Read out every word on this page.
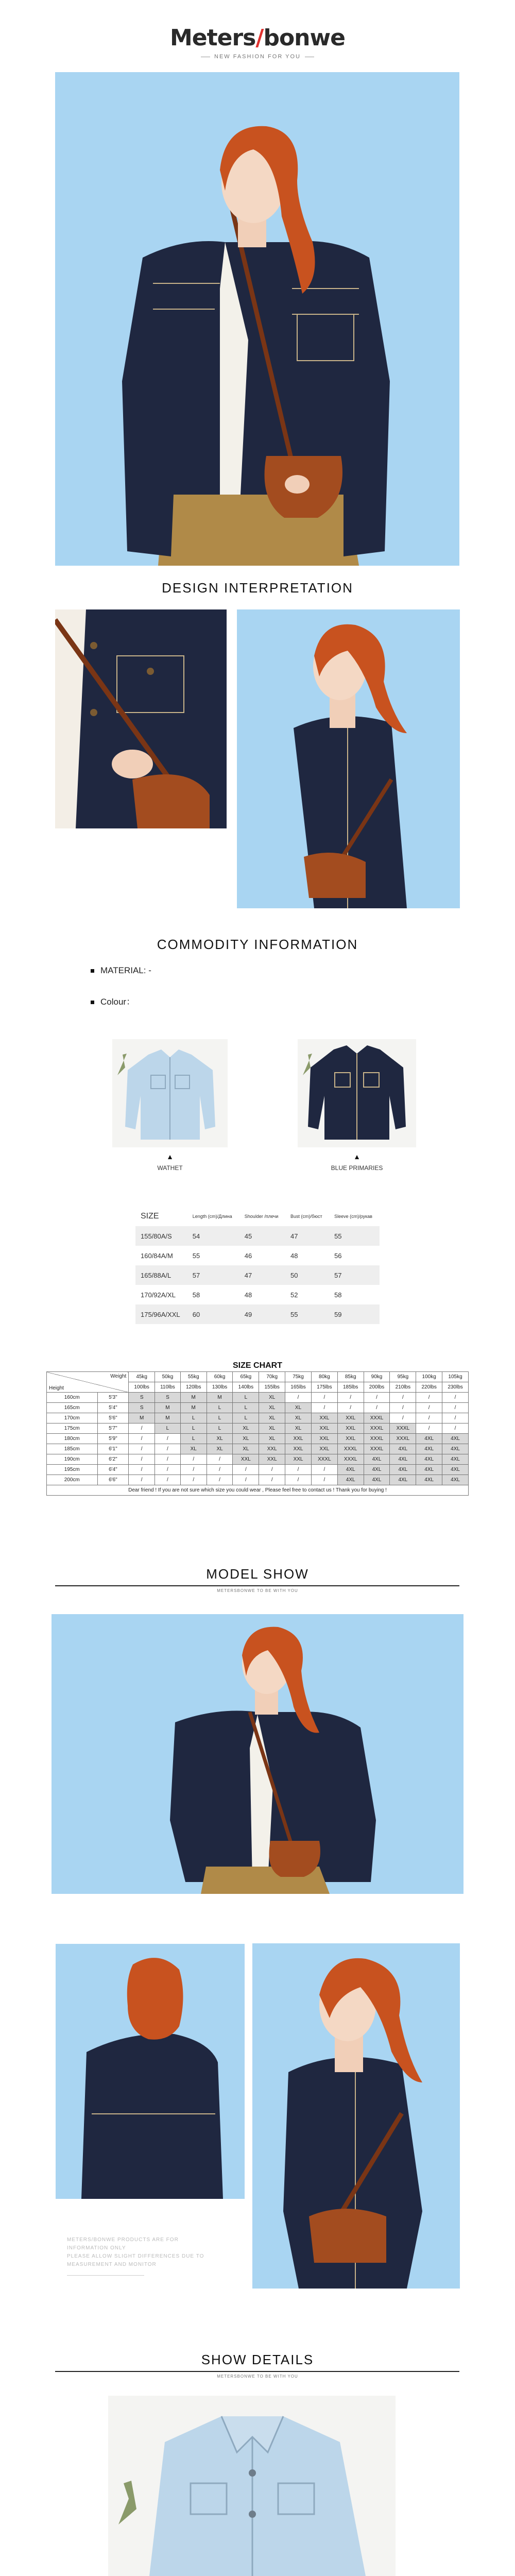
Meters/bonwe
NEW FASHION FOR YOU
DESIGN INTERPRETATION
COMMODITY INFORMATION
MATERIAL: -
Colour：
▲
WATHET
▲
BLUE PRIMARIES
SIZE	Length (cm)/Длина	Shoulder /плечи	Bust (cm)/бюст	Sleeve (cm)/рукав
155/80A/S	54	45	47	55
160/84A/M	55	46	48	56
165/88A/L	57	47	50	57
170/92A/XL	58	48	52	58
175/96A/XXL	60	49	55	59
SIZE CHART
Weight
Height		45kg	50kg	55kg	60kg	65kg	70kg	75kg	80kg	85kg	90kg	95kg	100kg	105kg
		100lbs	110lbs	120lbs	130lbs	140lbs	155lbs	165lbs	175lbs	185lbs	200lbs	210lbs	220lbs	230lbs
160cm	5'3"	S	S	M	M	L	XL	/	/	/	/	/	/	/
165cm	5'4"	S	M	M	L	L	XL	XL	/	/	/	/	/	/
170cm	5'6"	M	M	L	L	L	XL	XL	XXL	XXL	XXXL	/	/	/
175cm	5'7"	/	L	L	L	XL	XL	XL	XXL	XXL	XXXL	XXXL	/	/
180cm	5'9"	/	/	L	XL	XL	XL	XXL	XXL	XXL	XXXL	XXXL	4XL	4XL
185cm	6'1"	/	/	XL	XL	XL	XXL	XXL	XXL	XXXL	XXXL	4XL	4XL	4XL
190cm	6'2"	/	/	/	/	XXL	XXL	XXL	XXXL	XXXL	4XL	4XL	4XL	4XL
195cm	6'4"	/	/	/	/	/	/	/	/	4XL	4XL	4XL	4XL	4XL
200cm	6'6"	/	/	/	/	/	/	/	/	4XL	4XL	4XL	4XL	4XL
Dear friend ! If you are not sure which size you could wear , Please feel free to contact us ! Thank you for buying !														
MODEL SHOW
METERSBONWE TO BE WITH YOU
METERS/BONWE PRODUCTS ARE FOR INFORMATION ONLY
PLEASE ALLOW SLIGHT DIFFERENCES DUE TO
MEASUREMENT AND MONITOR
SHOW DETAILS
METERSBONWE TO BE WITH YOU
